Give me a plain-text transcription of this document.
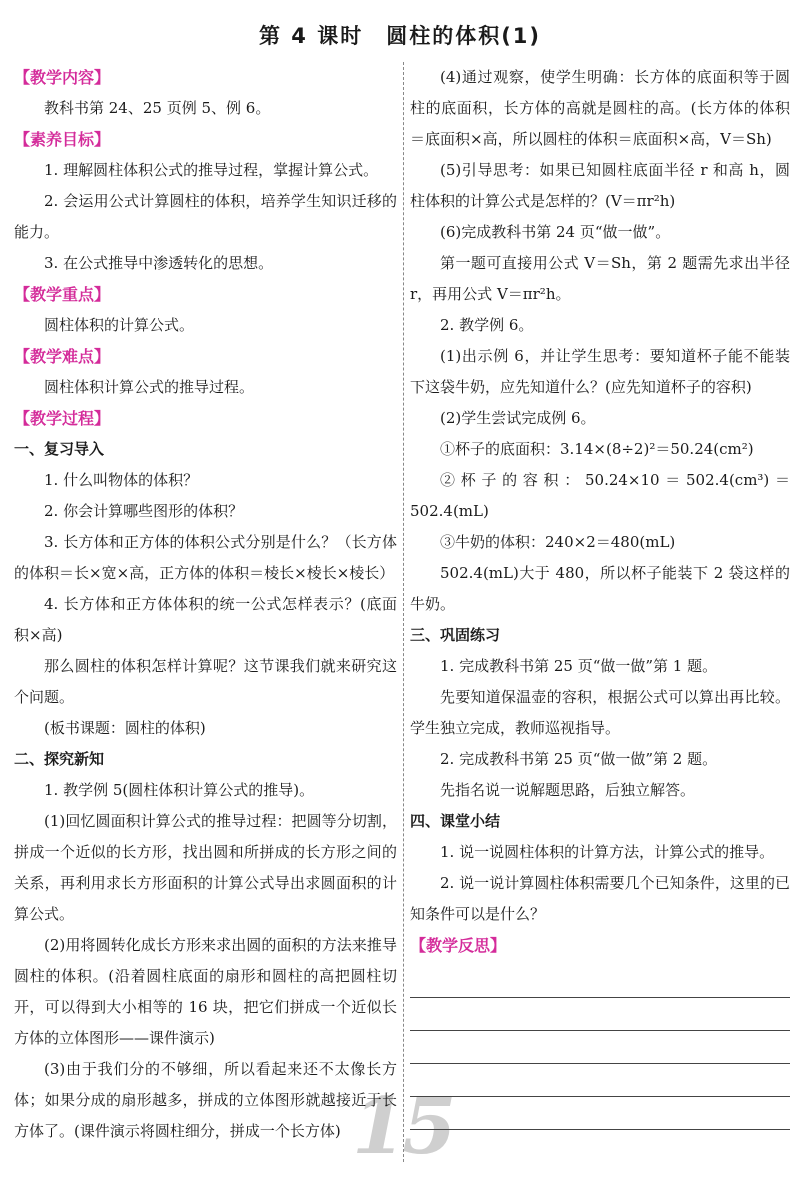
第 4 课时　圆柱的体积(1)
15
【教学内容】

教科书第 24、25 页例 5、例 6。

【素养目标】

1. 理解圆柱体积公式的推导过程，掌握计算公式。

2. 会运用公式计算圆柱的体积，培养学生知识迁移的能力。

3. 在公式推导中渗透转化的思想。

【教学重点】

圆柱体积的计算公式。

【教学难点】

圆柱体积计算公式的推导过程。

【教学过程】
一、复习导入

1. 什么叫物体的体积？

2. 你会计算哪些图形的体积？

3. 长方体和正方体的体积公式分别是什么？（长方体的体积＝长×宽×高，正方体的体积＝棱长×棱长×棱长）

4. 长方体和正方体体积的统一公式怎样表示？(底面积×高)

那么圆柱的体积怎样计算呢？这节课我们就来研究这个问题。

(板书课题：圆柱的体积)

二、探究新知

1. 教学例 5(圆柱体积计算公式的推导)。

(1)回忆圆面积计算公式的推导过程：把圆等分切割，拼成一个近似的长方形，找出圆和所拼成的长方形之间的关系，再利用求长方形面积的计算公式导出求圆面积的计算公式。

(2)用将圆转化成长方形来求出圆的面积的方法来推导圆柱的体积。(沿着圆柱底面的扇形和圆柱的高把圆柱切开，可以得到大小相等的 16 块，把它们拼成一个近似长方体的立体图形——课件演示)

(3)由于我们分的不够细，所以看起来还不太像长方体；如果分成的扇形越多，拼成的立体图形就越接近于长方体了。(课件演示将圆柱细分，拼成一个长方体)

(4)通过观察，使学生明确：长方体的底面积等于圆柱的底面积，长方体的高就是圆柱的高。(长方体的体积＝底面积×高，所以圆柱的体积＝底面积×高，V＝Sh)

(5)引导思考：如果已知圆柱底面半径 r 和高 h，圆柱体积的计算公式是怎样的？(V＝πr²h)

(6)完成教科书第 24 页“做一做”。

第一题可直接用公式 V＝Sh，第 2 题需先求出半径 r，再用公式 V＝πr²h。

2. 教学例 6。

(1)出示例 6，并让学生思考：要知道杯子能不能装下这袋牛奶，应先知道什么？(应先知道杯子的容积)

(2)学生尝试完成例 6。

①杯子的底面积：3.14×(8÷2)²＝50.24(cm²)

②杯子的容积：50.24×10＝502.4(cm³)＝502.4(mL)

③牛奶的体积：240×2＝480(mL)

502.4(mL)大于 480，所以杯子能装下 2 袋这样的牛奶。

三、巩固练习

1. 完成教科书第 25 页“做一做”第 1 题。

先要知道保温壶的容积，根据公式可以算出再比较。学生独立完成，教师巡视指导。

2. 完成教科书第 25 页“做一做”第 2 题。

先指名说一说解题思路，后独立解答。

四、课堂小结

1. 说一说圆柱体积的计算方法，计算公式的推导。

2. 说一说计算圆柱体积需要几个已知条件，这里的已知条件可以是什么？

【教学反思】
